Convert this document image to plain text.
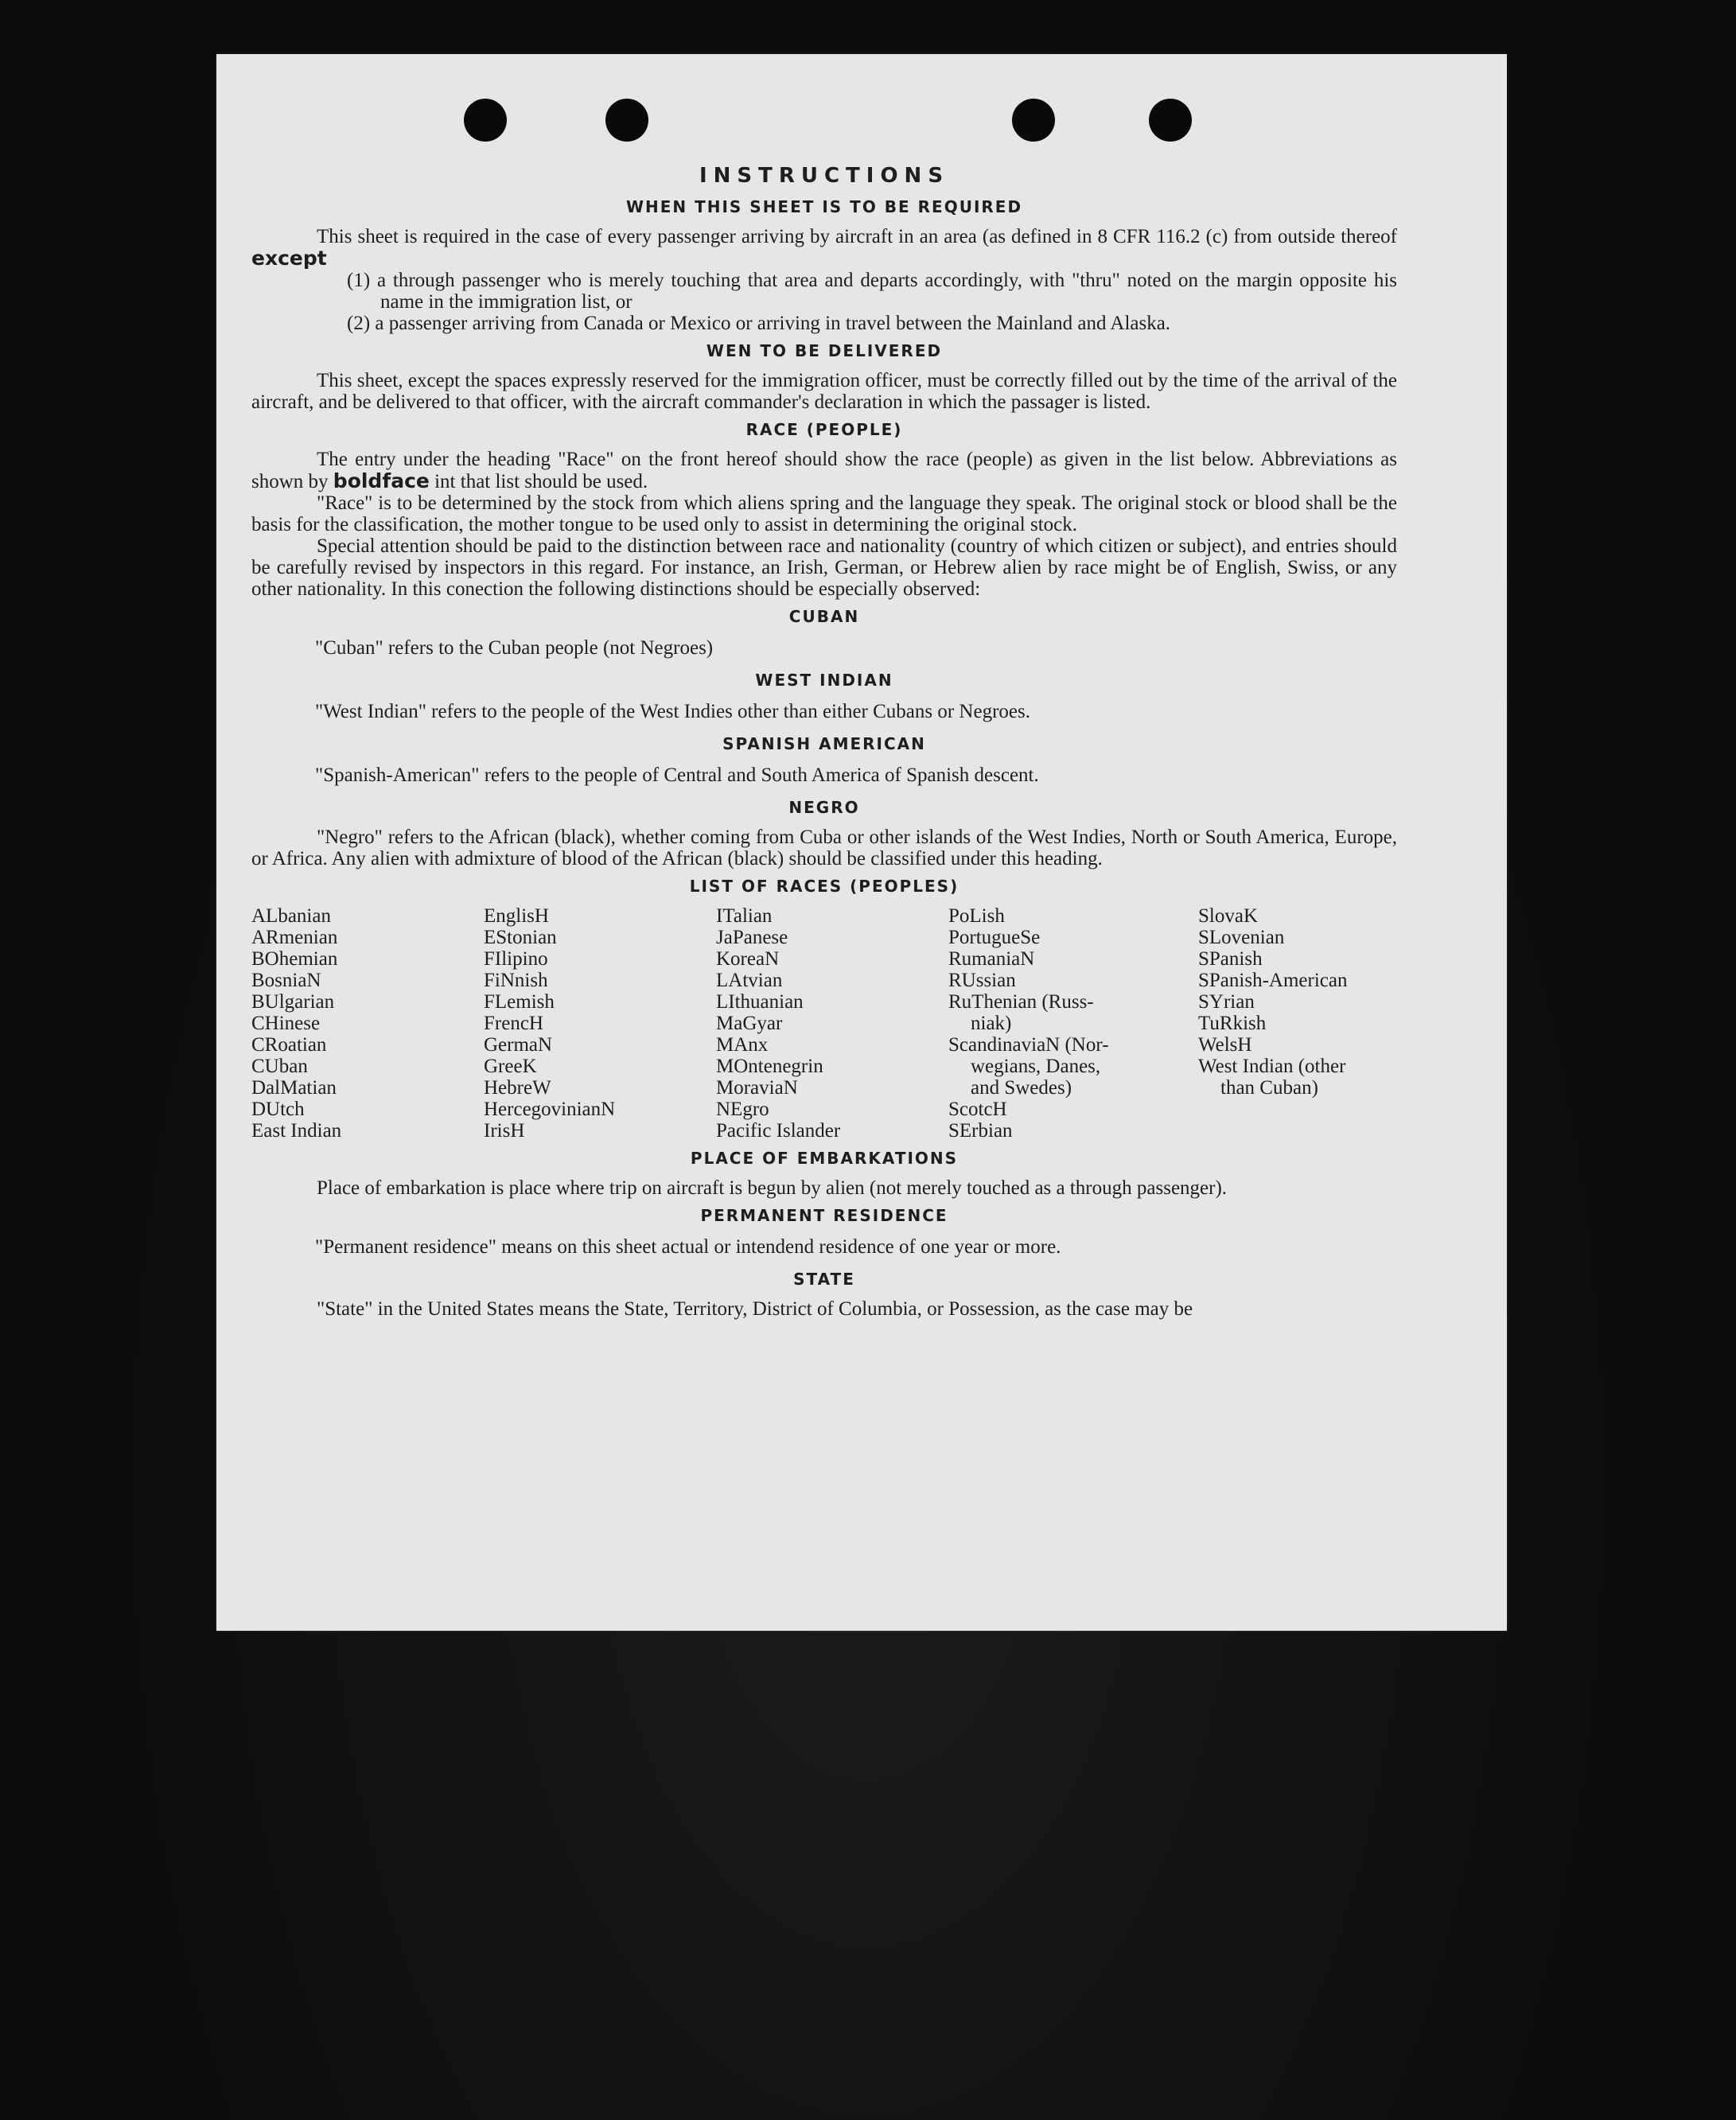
INSTRUCTIONS
WHEN THIS SHEET IS TO BE REQUIRED

This sheet is required in the case of every passenger arriving by aircraft in an area (as defined in 8 CFR 116.2 (c) from outside thereof except

(1) a through passenger who is merely touching that area and departs accordingly, with "thru" noted on the margin opposite his name in the immigration list, or

(2) a passenger arriving from Canada or Mexico or arriving in travel between the Mainland and Alaska.

WEN TO BE DELIVERED

This sheet, except the spaces expressly reserved for the immigration officer, must be correctly filled out by the time of the arrival of the aircraft, and be delivered to that officer, with the aircraft commander's declaration in which the passager is listed.

RACE (PEOPLE)

The entry under the heading "Race" on the front hereof should show the race (people) as given in the list below. Abbreviations as shown by boldface int that list should be used.

"Race" is to be determined by the stock from which aliens spring and the language they speak. The original stock or blood shall be the basis for the classification, the mother tongue to be used only to assist in determining the original stock.

Special attention should be paid to the distinction between race and nationality (country of which citizen or subject), and entries should be carefully revised by inspectors in this regard. For instance, an Irish, German, or Hebrew alien by race might be of English, Swiss, or any other nationality. In this conection the following distinctions should be especially observed:

CUBAN

"Cuban" refers to the Cuban people (not Negroes)

WEST INDIAN

"West Indian" refers to the people of the West Indies other than either Cubans or Negroes.

SPANISH AMERICAN

"Spanish-American" refers to the people of Central and South America of Spanish descent.

NEGRO

"Negro" refers to the African (black), whether coming from Cuba or other islands of the West Indies, North or South America, Europe, or Africa. Any alien with admixture of blood of the African (black) should be classified under this heading.

LIST OF RACES (PEOPLES)
ALbanian
ARmenian
BOhemian
BosniaN
BUlgarian
CHinese
CRoatian
CUban
DalMatian
DUtch
East Indian
EnglisH
EStonian
FIlipino
FiNnish
FLemish
FrencH
GermaN
GreeK
HebreW
HercegovinianN
IrisH
ITalian
JaPanese
KoreaN
LAtvian
LIthuanian
MaGyar
MAnx
MOntenegrin
MoraviaN
NEgro
Pacific Islander
PoLish
PortugueSe
RumaniaN
RUssian
RuThenian (Russ-
niak)
ScandinaviaN (Nor-
wegians, Danes,
and Swedes)
ScotcH
SErbian
SlovaK
SLovenian
SPanish
SPanish-American
SYrian
TuRkish
WelsH
West Indian (other
than Cuban)
PLACE OF EMBARKATIONS

Place of embarkation is place where trip on aircraft is begun by alien (not merely touched as a through passenger).

PERMANENT RESIDENCE

"Permanent residence" means on this sheet actual or intendend residence of one year or more.

STATE

"State" in the United States means the State, Territory, District of Columbia, or Possession, as the case may be
